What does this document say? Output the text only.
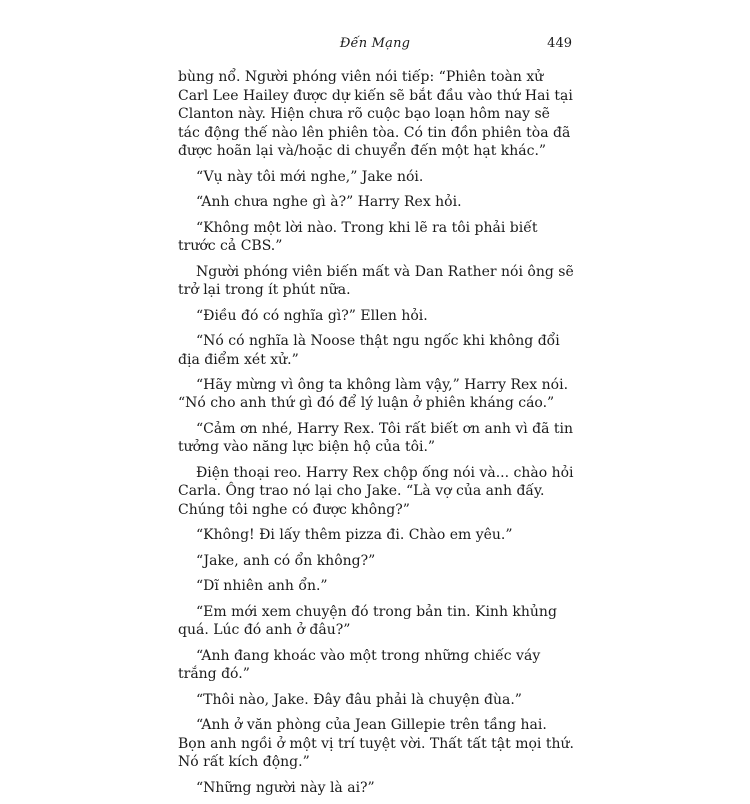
Đến Mạng	449

bùng nổ. Người phóng viên nói tiếp: “Phiên toàn xử Carl Lee Hailey được dự kiến sẽ bắt đầu vào thứ Hai tại Clanton này. Hiện chưa rõ cuộc bạo loạn hôm nay sẽ tác động thế nào lên phiên tòa. Có tin đồn phiên tòa đã được hoãn lại và/hoặc di chuyển đến một hạt khác.”

“Vụ này tôi mới nghe,” Jake nói.

“Anh chưa nghe gì à?” Harry Rex hỏi.

“Không một lời nào. Trong khi lẽ ra tôi phải biết trước cả CBS.”

Người phóng viên biến mất và Dan Rather nói ông sẽ trở lại trong ít phút nữa.

“Điều đó có nghĩa gì?” Ellen hỏi.

“Nó có nghĩa là Noose thật ngu ngốc khi không đổi địa điểm xét xử.”

“Hãy mừng vì ông ta không làm vậy,” Harry Rex nói. “Nó cho anh thứ gì đó để lý luận ở phiên kháng cáo.”

“Cảm ơn nhé, Harry Rex. Tôi rất biết ơn anh vì đã tin tưởng vào năng lực biện hộ của tôi.”

Điện thoại reo. Harry Rex chộp ống nói và... chào hỏi Carla. Ông trao nó lại cho Jake. “Là vợ của anh đấy. Chúng tôi nghe có được không?”

“Không! Đi lấy thêm pizza đi. Chào em yêu.”

“Jake, anh có ổn không?”

“Dĩ nhiên anh ổn.”

“Em mới xem chuyện đó trong bản tin. Kinh khủng quá. Lúc đó anh ở đâu?”

“Anh đang khoác vào một trong những chiếc váy trắng đó.”

“Thôi nào, Jake. Đây đâu phải là chuyện đùa.”

“Anh ở văn phòng của Jean Gillepie trên tầng hai. Bọn anh ngồi ở một vị trí tuyệt vời. Thất tất tật mọi thứ. Nó rất kích động.”

“Những người này là ai?”
